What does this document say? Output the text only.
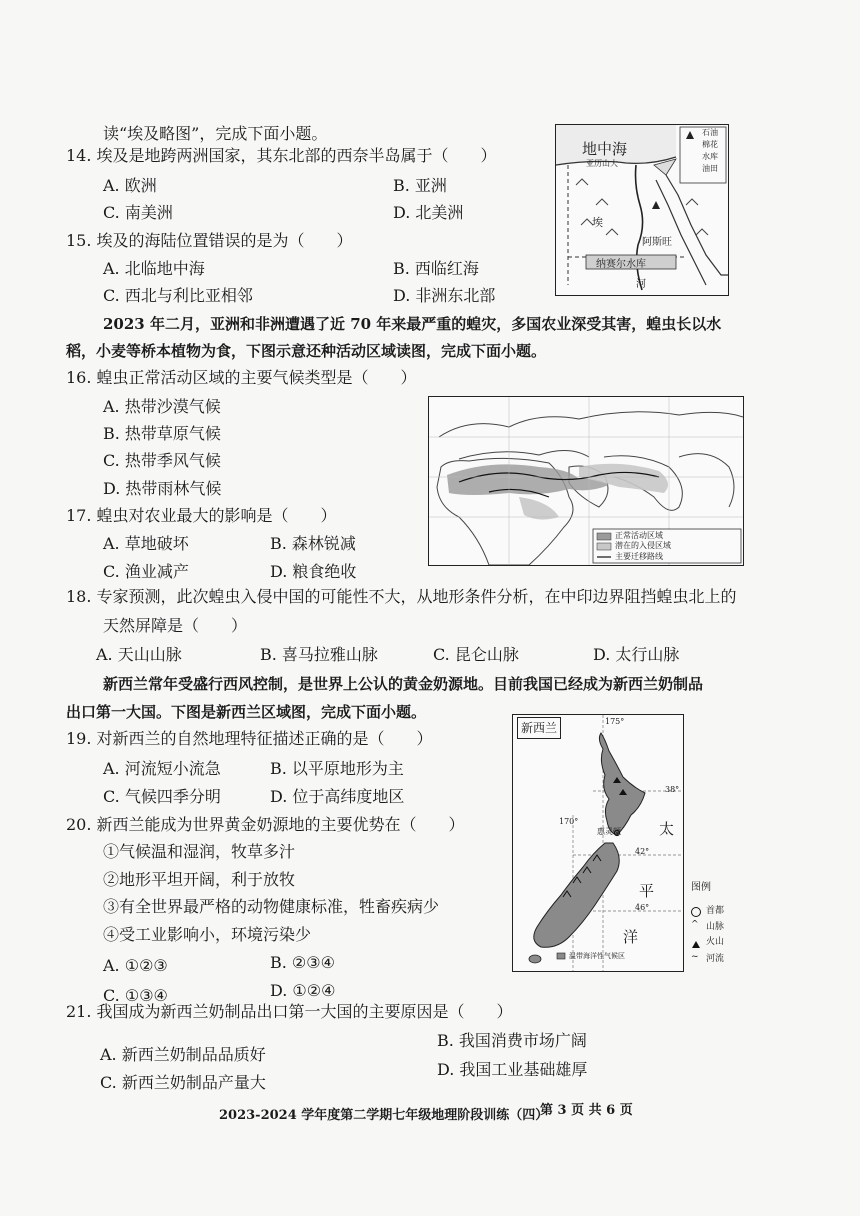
读“埃及略图”，完成下面小题。
14. 埃及是地跨两洲国家，其东北部的西奈半岛属于（　　）
A. 欧洲	B. 亚洲
C. 南美洲	D. 北美洲
15. 埃及的海陆位置错误的是为（　　）
A. 北临地中海	B. 西临红海
C. 西北与利比亚相邻	D. 非洲东北部
地中海
亚历山大
埃
阿斯旺
纳赛尔水库
河
石油
棉花
水库
油田
2023 年二月，亚洲和非洲遭遇了近 70 年来最严重的蝗灾，多国农业深受其害，蝗虫长以水
稻，小麦等桥本植物为食，下图示意还种活动区域读图，完成下面小题。
16. 蝗虫正常活动区域的主要气候类型是（　　）
A. 热带沙漠气候
B. 热带草原气候
C. 热带季风气候
D. 热带雨林气候
正常活动区域
潜在的入侵区域
主要迁移路线
17. 蝗虫对农业最大的影响是（　　）
A. 草地破坏	B. 森林锐减
C. 渔业减产	D. 粮食绝收
18. 专家预测，此次蝗虫入侵中国的可能性不大，从地形条件分析，在中印边界阻挡蝗虫北上的
天然屏障是（　　）
A. 天山山脉	B. 喜马拉雅山脉	C. 昆仑山脉	D. 太行山脉
新西兰常年受盛行西风控制，是世界上公认的黄金奶源地。目前我国已经成为新西兰奶制品
出口第一大国。下图是新西兰区域图，完成下面小题。
19. 对新西兰的自然地理特征描述正确的是（　　）
A. 河流短小流急	B. 以平原地形为主
C. 气候四季分明	D. 位于高纬度地区
20. 新西兰能成为世界黄金奶源地的主要优势在（　　）
①气候温和湿润，牧草多汁
②地形平坦开阔，利于放牧
③有全世界最严格的动物健康标准，牲畜疾病少
④受工业影响小，环境污染少
A. ①②③	B. ②③④
C. ①③④	D. ①②④
新西兰	175°
170°
38°
42°
46°
惠灵顿	太
平
洋
温带海洋性气候区
图例
首都
^ 山脉
火山
~ 河流
21. 我国成为新西兰奶制品出口第一大国的主要原因是（　　）
A. 新西兰奶制品品质好
B. 我国消费市场广阔
C. 新西兰奶制品产量大
D. 我国工业基础雄厚
2023-2024 学年度第二学期七年级地理阶段训练（四）
第 3 页 共 6 页
